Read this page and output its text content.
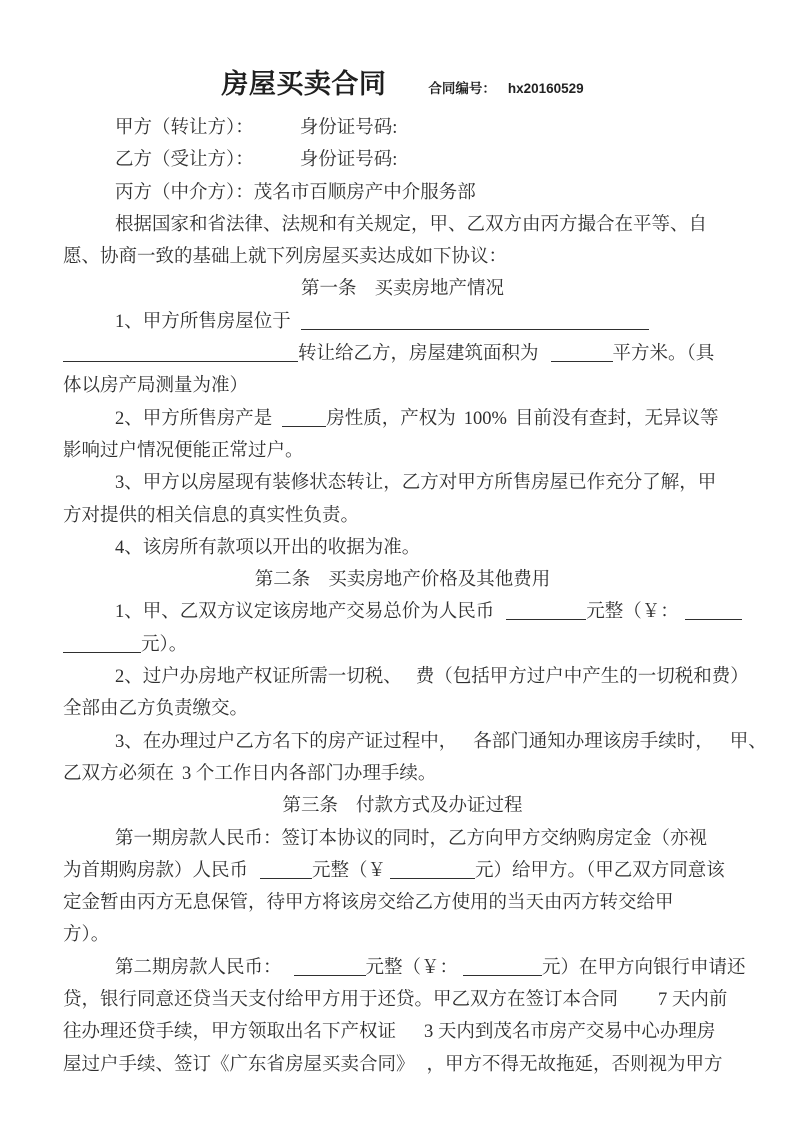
房屋买卖合同	合同编号： hx20160529
甲方（转让方）： 身份证号码:
乙方（受让方）： 身份证号码:
丙方（中介方）：茂名市百顺房产中介服务部
根据国家和省法律、法规和有关规定，甲、乙双方由丙方撮合在平等、自
愿、协商一致的基础上就下列房屋买卖达成如下协议：
第一条 买卖房地产情况
1、甲方所售房屋位于
转让给乙方，房屋建筑面积为	平方米。（具
体以房产局测量为准）
2、甲方所售房产是	房性质，产权为 100% 目前没有查封，无异议等
影响过户情况便能正常过户。
3、甲方以房屋现有装修状态转让，乙方对甲方所售房屋已作充分了解，甲
方对提供的相关信息的真实性负责。
4、该房所有款项以开出的收据为准。
第二条 买卖房地产价格及其他费用
1、甲、乙双方议定该房地产交易总价为人民币	元整（￥：
元）。
2、过户办房地产权证所需一切税、 费（包括甲方过户中产生的一切税和费）
全部由乙方负责缴交。
3、在办理过户乙方名下的房产证过程中， 各部门通知办理该房手续时， 甲、
乙双方必须在 3 个工作日内各部门办理手续。
第三条 付款方式及办证过程
第一期房款人民币：签订本协议的同时，乙方向甲方交纳购房定金（亦视
为首期购房款）人民币	元整（￥	元）给甲方。（甲乙双方同意该
定金暂由丙方无息保管，待甲方将该房交给乙方使用的当天由丙方转交给甲
方）。
第二期房款人民币：	元整（￥：	元）在甲方向银行申请还
贷，银行同意还贷当天支付给甲方用于还贷。甲乙双方在签订本合同 7 天内前
往办理还贷手续，甲方领取出名下产权证 3 天内到茂名市房产交易中心办理房
屋过户手续、签订《广东省房屋买卖合同》 ，甲方不得无故拖延，否则视为甲方
